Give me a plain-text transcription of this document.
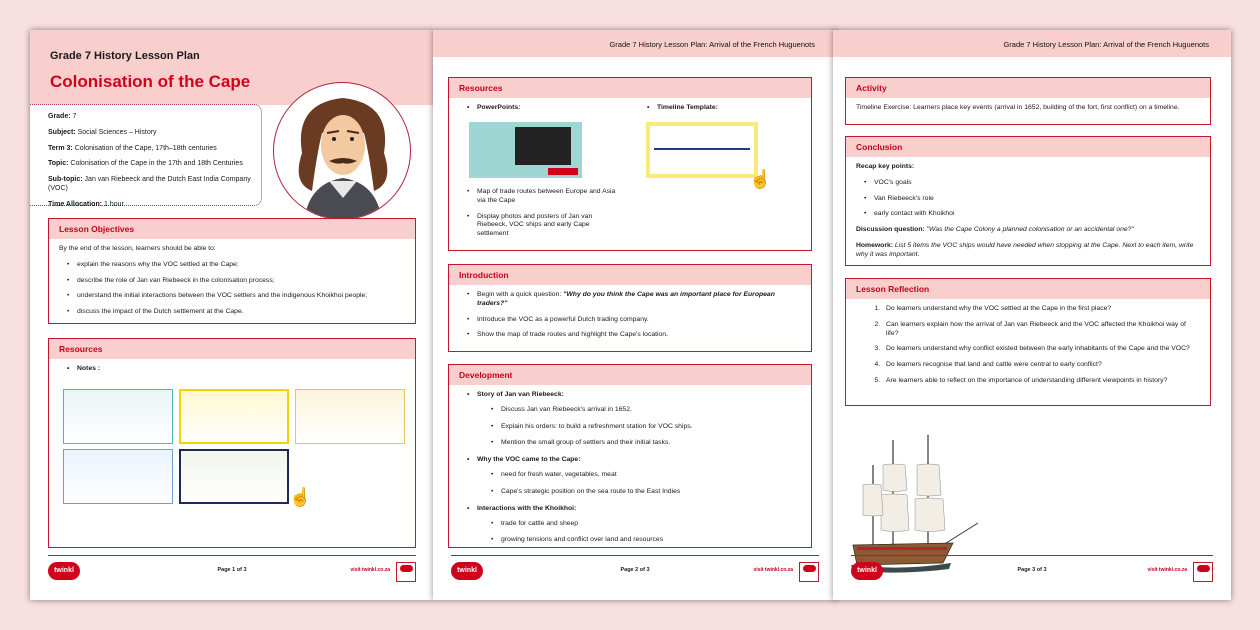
Grade 7 History Lesson Plan
Colonisation of the Cape
Grade: 7
Subject: Social Sciences – History
Term 3: Colonisation of the Cape, 17th–18th centuries
Topic: Colonisation of the Cape in the 17th and 18th Centuries
Sub-topic: Jan van Riebeeck and the Dutch East India Company (VOC)
Time Allocation: 1 hour
Lesson Objectives
By the end of the lesson, learners should be able to:
• explain the reasons why the VOC settled at the Cape;
• describe the role of Jan van Riebeeck in the colonisation process;
• understand the initial interactions between the VOC settlers and the indigenous Khoikhoi people;
• discuss the impact of the Dutch settlement at the Cape.
Resources
• Notes :
☝
twinkl	Page 1 of 3	visit twinkl.co.za
Grade 7 History Lesson Plan: Arrival of the French Huguenots
Resources
• PowerPoints:	• Timeline Template:
☝
• Map of trade routes between Europe and Asia via the Cape
• Display photos and posters of Jan van Riebeeck, VOC ships and early Cape settlement
Introduction
• Begin with a quick question: "Why do you think the Cape was an important place for European traders?"
• Introduce the VOC as a powerful Dutch trading company.
• Show the map of trade routes and highlight the Cape's location.
Development
• Story of Jan van Riebeeck:
• Discuss Jan van Riebeeck's arrival in 1652.
• Explain his orders: to build a refreshment station for VOC ships.
• Mention the small group of settlers and their initial tasks.
• Why the VOC came to the Cape:
• need for fresh water, vegetables, meat
• Cape's strategic position on the sea route to the East Indies
• Interactions with the Khoikhoi:
• trade for cattle and sheep
• growing tensions and conflict over land and resources
twinkl	Page 2 of 3	visit twinkl.co.za
Grade 7 History Lesson Plan: Arrival of the French Huguenots
Activity
Timeline Exercise: Learners place key events (arrival in 1652, building of the fort, first conflict) on a timeline.
Conclusion
Recap key points:
• VOC's goals
• Van Riebeeck's role
• early contact with Khoikhoi
Discussion question: "Was the Cape Colony a planned colonisation or an accidental one?"
Homework: List 5 items the VOC ships would have needed when stopping at the Cape. Next to each item, write why it was important.
Lesson Reflection
1. Do learners understand why the VOC settled at the Cape in the first place?
2. Can learners explain how the arrival of Jan van Riebeeck and the VOC affected the Khoikhoi way of life?
3. Do learners understand why conflict existed between the early inhabitants of the Cape and the VOC?
4. Do learners recognise that land and cattle were central to early conflict?
5. Are learners able to reflect on the importance of understanding different viewpoints in history?
twinkl	Page 3 of 3	visit twinkl.co.za
